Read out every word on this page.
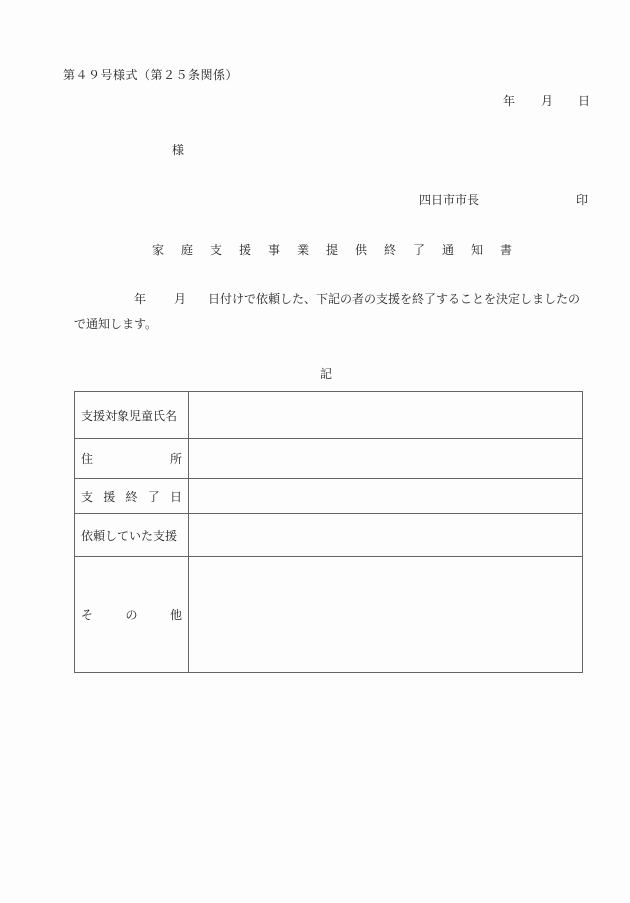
第４９号様式（第２５条関係）
年 月 日
様
四日市市長	印
家 庭 支 援 事 業 提 供 終 了 通 知 書
年 月 日付けで依頼した、下記の者の支援を終了することを決定しましたの
で通知します。
記
支援対象児童氏名	

住 所	

支 援 終 了 日	

依頼していた支援	

そ の 他	
